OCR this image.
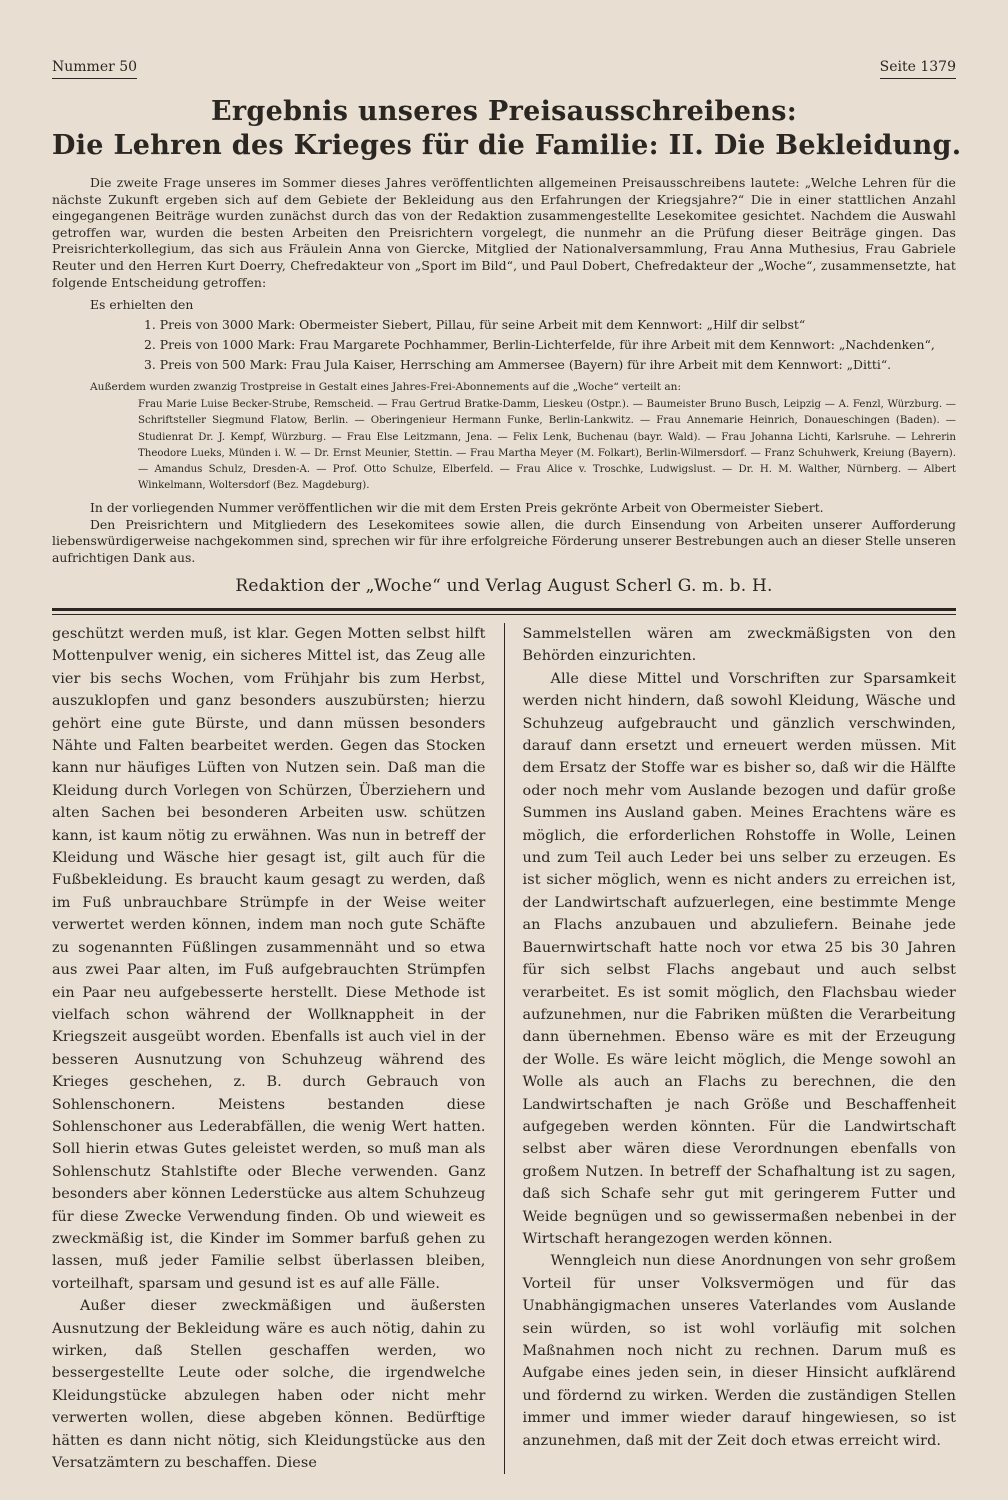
Nummer 50	Seite 1379
Ergebnis unseres Preisausschreibens:
Die Lehren des Krieges für die Familie: II. Die Bekleidung.
Die zweite Frage unseres im Sommer dieses Jahres veröffentlichten allgemeinen Preisausschreibens lautete: „Welche Lehren für die nächste Zukunft ergeben sich auf dem Gebiete der Bekleidung aus den Erfahrungen der Kriegsjahre?“ Die in einer stattlichen Anzahl eingegangenen Beiträge wurden zunächst durch das von der Redaktion zusammengestellte Lesekomitee gesichtet. Nachdem die Auswahl getroffen war, wurden die besten Arbeiten den Preisrichtern vorgelegt, die nunmehr an die Prüfung dieser Beiträge gingen. Das Preisrichterkollegium, das sich aus Fräulein Anna von Giercke, Mitglied der Nationalversammlung, Frau Anna Muthesius, Frau Gabriele Reuter und den Herren Kurt Doerry, Chefredakteur von „Sport im Bild“, und Paul Dobert, Chefredakteur der „Woche“, zusammensetzte, hat folgende Entscheidung getroffen:
Es erhielten den
1. Preis von 3000 Mark: Obermeister Siebert, Pillau, für seine Arbeit mit dem Kennwort: „Hilf dir selbst“
2. Preis von 1000 Mark: Frau Margarete Pochhammer, Berlin-Lichterfelde, für ihre Arbeit mit dem Kennwort: „Nachdenken“,
3. Preis von 500 Mark: Frau Jula Kaiser, Herrsching am Ammersee (Bayern) für ihre Arbeit mit dem Kennwort: „Ditti“.
Außerdem wurden zwanzig Trostpreise in Gestalt eines Jahres-Frei-Abonnements auf die „Woche“ verteilt an:
Frau Marie Luise Becker-Strube, Remscheid. — Frau Gertrud Bratke-Damm, Lieskeu (Ostpr.). — Baumeister Bruno Busch, Leipzig — A. Fenzl, Würzburg. — Schriftsteller Siegmund Flatow, Berlin. — Oberingenieur Hermann Funke, Berlin-Lankwitz. — Frau Annemarie Heinrich, Donaueschingen (Baden). — Studienrat Dr. J. Kempf, Würzburg. — Frau Else Leitzmann, Jena. — Felix Lenk, Buchenau (bayr. Wald). — Frau Johanna Lichti, Karlsruhe. — Lehrerin Theodore Lueks, Münden i. W. — Dr. Ernst Meunier, Stettin. — Frau Martha Meyer (M. Folkart), Berlin-Wilmersdorf. — Franz Schuhwerk, Kreiung (Bayern). — Amandus Schulz, Dresden-A. — Prof. Otto Schulze, Elberfeld. — Frau Alice v. Troschke, Ludwigslust. — Dr. H. M. Walther, Nürnberg. — Albert Winkelmann, Woltersdorf (Bez. Magdeburg).
In der vorliegenden Nummer veröffentlichen wir die mit dem Ersten Preis gekrönte Arbeit von Obermeister Siebert.
Den Preisrichtern und Mitgliedern des Lesekomitees sowie allen, die durch Einsendung von Arbeiten unserer Aufforderung liebenswürdigerweise nachgekommen sind, sprechen wir für ihre erfolgreiche Förderung unserer Bestrebungen auch an dieser Stelle unseren aufrichtigen Dank aus.
Redaktion der „Woche“ und Verlag August Scherl G. m. b. H.

geschützt werden muß, ist klar. Gegen Motten selbst hilft Mottenpulver wenig, ein sicheres Mittel ist, das Zeug alle vier bis sechs Wochen, vom Frühjahr bis zum Herbst, auszuklopfen und ganz besonders auszubürsten; hierzu gehört eine gute Bürste, und dann müssen besonders Nähte und Falten bearbeitet werden. Gegen das Stocken kann nur häufiges Lüften von Nutzen sein. Daß man die Kleidung durch Vorlegen von Schürzen, Überziehern und alten Sachen bei besonderen Arbeiten usw. schützen kann, ist kaum nötig zu erwähnen. Was nun in betreff der Kleidung und Wäsche hier gesagt ist, gilt auch für die Fußbekleidung. Es braucht kaum gesagt zu werden, daß im Fuß unbrauchbare Strümpfe in der Weise weiter verwertet werden können, indem man noch gute Schäfte zu sogenannten Füßlingen zusammennäht und so etwa aus zwei Paar alten, im Fuß aufgebrauchten Strümpfen ein Paar neu aufgebesserte herstellt. Diese Methode ist vielfach schon während der Wollknappheit in der Kriegszeit ausgeübt worden. Ebenfalls ist auch viel in der besseren Ausnutzung von Schuhzeug während des Krieges geschehen, z. B. durch Gebrauch von Sohlenschonern. Meistens bestanden diese Sohlenschoner aus Lederabfällen, die wenig Wert hatten. Soll hierin etwas Gutes geleistet werden, so muß man als Sohlenschutz Stahlstifte oder Bleche verwenden. Ganz besonders aber können Lederstücke aus altem Schuhzeug für diese Zwecke Verwendung finden. Ob und wieweit es zweckmäßig ist, die Kinder im Sommer barfuß gehen zu lassen, muß jeder Familie selbst überlassen bleiben, vorteilhaft, sparsam und gesund ist es auf alle Fälle.

Außer dieser zweckmäßigen und äußersten Ausnutzung der Bekleidung wäre es auch nötig, dahin zu wirken, daß Stellen geschaffen werden, wo bessergestellte Leute oder solche, die irgendwelche Kleidungstücke abzulegen haben oder nicht mehr verwerten wollen, diese abgeben können. Bedürftige hätten es dann nicht nötig, sich Kleidungstücke aus den Versatzämtern zu beschaffen. Diese

Sammelstellen wären am zweckmäßigsten von den Behörden einzurichten.

Alle diese Mittel und Vorschriften zur Sparsamkeit werden nicht hindern, daß sowohl Kleidung, Wäsche und Schuhzeug aufgebraucht und gänzlich verschwinden, darauf dann ersetzt und erneuert werden müssen. Mit dem Ersatz der Stoffe war es bisher so, daß wir die Hälfte oder noch mehr vom Auslande bezogen und dafür große Summen ins Ausland gaben. Meines Erachtens wäre es möglich, die erforderlichen Rohstoffe in Wolle, Leinen und zum Teil auch Leder bei uns selber zu erzeugen. Es ist sicher möglich, wenn es nicht anders zu erreichen ist, der Landwirtschaft aufzuerlegen, eine bestimmte Menge an Flachs anzubauen und abzuliefern. Beinahe jede Bauernwirtschaft hatte noch vor etwa 25 bis 30 Jahren für sich selbst Flachs angebaut und auch selbst verarbeitet. Es ist somit möglich, den Flachsbau wieder aufzunehmen, nur die Fabriken müßten die Verarbeitung dann übernehmen. Ebenso wäre es mit der Erzeugung der Wolle. Es wäre leicht möglich, die Menge sowohl an Wolle als auch an Flachs zu berechnen, die den Landwirtschaften je nach Größe und Beschaffenheit aufgegeben werden könnten. Für die Landwirtschaft selbst aber wären diese Verordnungen ebenfalls von großem Nutzen. In betreff der Schafhaltung ist zu sagen, daß sich Schafe sehr gut mit geringerem Futter und Weide begnügen und so gewissermaßen nebenbei in der Wirtschaft herangezogen werden können.

Wenngleich nun diese Anordnungen von sehr großem Vorteil für unser Volksvermögen und für das Unabhängigmachen unseres Vaterlandes vom Auslande sein würden, so ist wohl vorläufig mit solchen Maßnahmen noch nicht zu rechnen. Darum muß es Aufgabe eines jeden sein, in dieser Hinsicht aufklärend und fördernd zu wirken. Werden die zuständigen Stellen immer und immer wieder darauf hingewiesen, so ist anzunehmen, daß mit der Zeit doch etwas erreicht wird.
